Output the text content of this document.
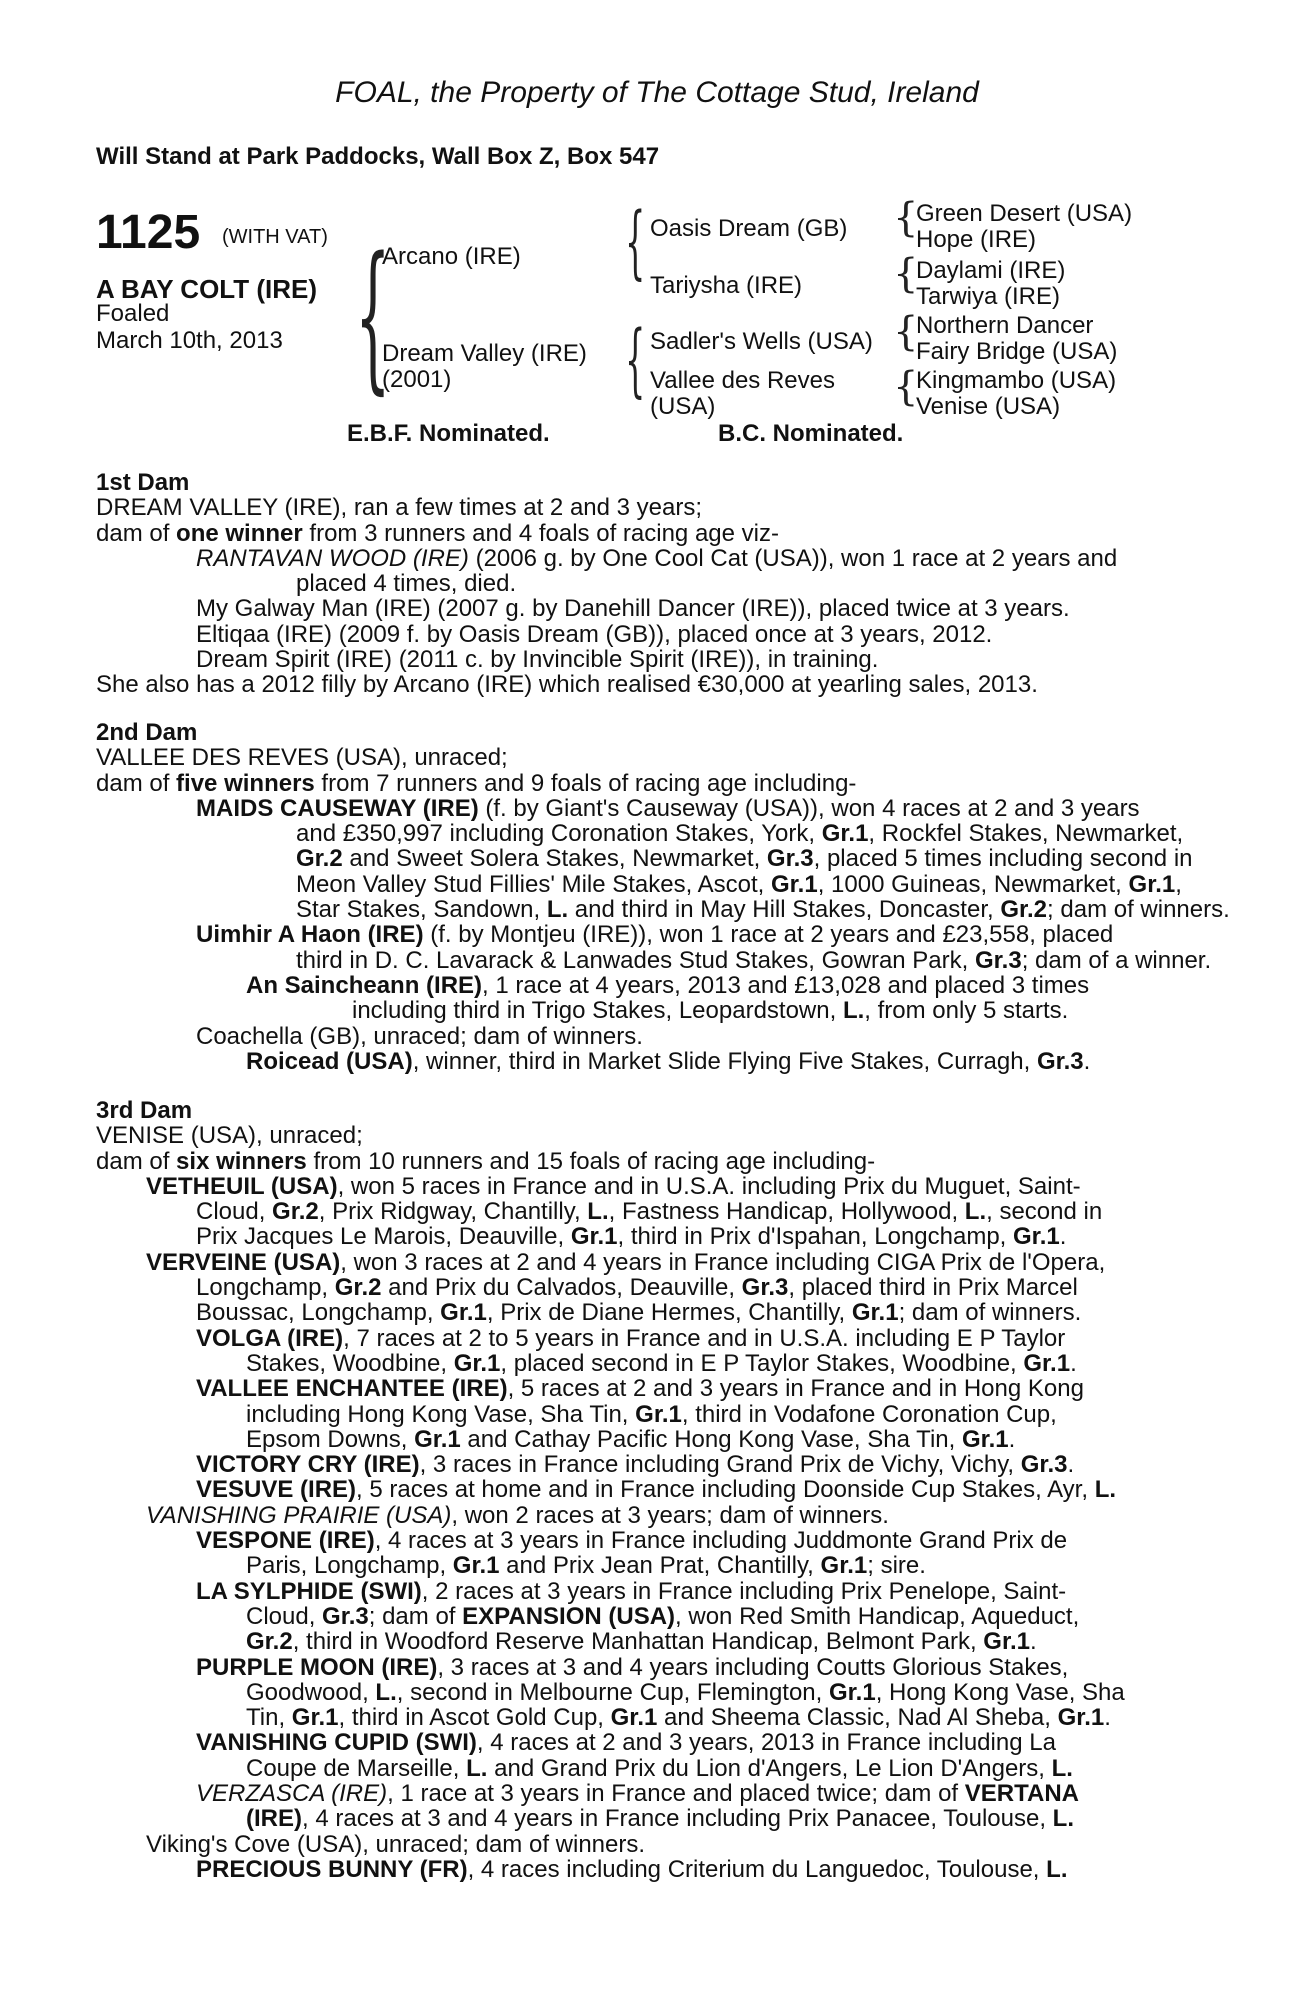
FOAL, the Property of The Cottage Stud, Ireland
Will Stand at Park Paddocks, Wall Box Z, Box 547
1125 (WITH VAT)
A BAY COLT (IRE)
Foaled
March 10th, 2013 {
Arcano (IRE)
Dream Valley (IRE)
(2001)
{
{
Oasis Dream (GB)
Tariysha (IRE)
Sadler's Wells (USA)
Vallee des Reves
(USA)
{
{
{
{
Green Desert (USA)
Hope (IRE)
Daylami (IRE)
Tarwiya (IRE)
Northern Dancer
Fairy Bridge (USA)
Kingmambo (USA)
Venise (USA)
E.B.F. Nominated.	B.C. Nominated.
1st Dam
DREAM VALLEY (IRE), ran a few times at 2 and 3 years;
dam of one winner from 3 runners and 4 foals of racing age viz-
RANTAVAN WOOD (IRE) (2006 g. by One Cool Cat (USA)), won 1 race at 2 years and
placed 4 times, died.
My Galway Man (IRE) (2007 g. by Danehill Dancer (IRE)), placed twice at 3 years.
Eltiqaa (IRE) (2009 f. by Oasis Dream (GB)), placed once at 3 years, 2012.
Dream Spirit (IRE) (2011 c. by Invincible Spirit (IRE)), in training.
She also has a 2012 filly by Arcano (IRE) which realised €30,000 at yearling sales, 2013.
2nd Dam
VALLEE DES REVES (USA), unraced;
dam of five winners from 7 runners and 9 foals of racing age including-
MAIDS CAUSEWAY (IRE) (f. by Giant's Causeway (USA)), won 4 races at 2 and 3 years
and £350,997 including Coronation Stakes, York, Gr.1, Rockfel Stakes, Newmarket,
Gr.2 and Sweet Solera Stakes, Newmarket, Gr.3, placed 5 times including second in
Meon Valley Stud Fillies' Mile Stakes, Ascot, Gr.1, 1000 Guineas, Newmarket, Gr.1,
Star Stakes, Sandown, L. and third in May Hill Stakes, Doncaster, Gr.2; dam of winners.
Uimhir A Haon (IRE) (f. by Montjeu (IRE)), won 1 race at 2 years and £23,558, placed
third in D. C. Lavarack & Lanwades Stud Stakes, Gowran Park, Gr.3; dam of a winner.
An Saincheann (IRE), 1 race at 4 years, 2013 and £13,028 and placed 3 times
including third in Trigo Stakes, Leopardstown, L., from only 5 starts.
Coachella (GB), unraced; dam of winners.
Roicead (USA), winner, third in Market Slide Flying Five Stakes, Curragh, Gr.3.
3rd Dam
VENISE (USA), unraced;
dam of six winners from 10 runners and 15 foals of racing age including-
VETHEUIL (USA), won 5 races in France and in U.S.A. including Prix du Muguet, Saint-
Cloud, Gr.2, Prix Ridgway, Chantilly, L., Fastness Handicap, Hollywood, L., second in
Prix Jacques Le Marois, Deauville, Gr.1, third in Prix d'Ispahan, Longchamp, Gr.1.
VERVEINE (USA), won 3 races at 2 and 4 years in France including CIGA Prix de l'Opera,
Longchamp, Gr.2 and Prix du Calvados, Deauville, Gr.3, placed third in Prix Marcel
Boussac, Longchamp, Gr.1, Prix de Diane Hermes, Chantilly, Gr.1; dam of winners.
VOLGA (IRE), 7 races at 2 to 5 years in France and in U.S.A. including E P Taylor
Stakes, Woodbine, Gr.1, placed second in E P Taylor Stakes, Woodbine, Gr.1.
VALLEE ENCHANTEE (IRE), 5 races at 2 and 3 years in France and in Hong Kong
including Hong Kong Vase, Sha Tin, Gr.1, third in Vodafone Coronation Cup,
Epsom Downs, Gr.1 and Cathay Pacific Hong Kong Vase, Sha Tin, Gr.1.
VICTORY CRY (IRE), 3 races in France including Grand Prix de Vichy, Vichy, Gr.3.
VESUVE (IRE), 5 races at home and in France including Doonside Cup Stakes, Ayr, L.
VANISHING PRAIRIE (USA), won 2 races at 3 years; dam of winners.
VESPONE (IRE), 4 races at 3 years in France including Juddmonte Grand Prix de
Paris, Longchamp, Gr.1 and Prix Jean Prat, Chantilly, Gr.1; sire.
LA SYLPHIDE (SWI), 2 races at 3 years in France including Prix Penelope, Saint-
Cloud, Gr.3; dam of EXPANSION (USA), won Red Smith Handicap, Aqueduct,
Gr.2, third in Woodford Reserve Manhattan Handicap, Belmont Park, Gr.1.
PURPLE MOON (IRE), 3 races at 3 and 4 years including Coutts Glorious Stakes,
Goodwood, L., second in Melbourne Cup, Flemington, Gr.1, Hong Kong Vase, Sha
Tin, Gr.1, third in Ascot Gold Cup, Gr.1 and Sheema Classic, Nad Al Sheba, Gr.1.
VANISHING CUPID (SWI), 4 races at 2 and 3 years, 2013 in France including La
Coupe de Marseille, L. and Grand Prix du Lion d'Angers, Le Lion D'Angers, L.
VERZASCA (IRE), 1 race at 3 years in France and placed twice; dam of VERTANA
(IRE), 4 races at 3 and 4 years in France including Prix Panacee, Toulouse, L.
Viking's Cove (USA), unraced; dam of winners.
PRECIOUS BUNNY (FR), 4 races including Criterium du Languedoc, Toulouse, L.
